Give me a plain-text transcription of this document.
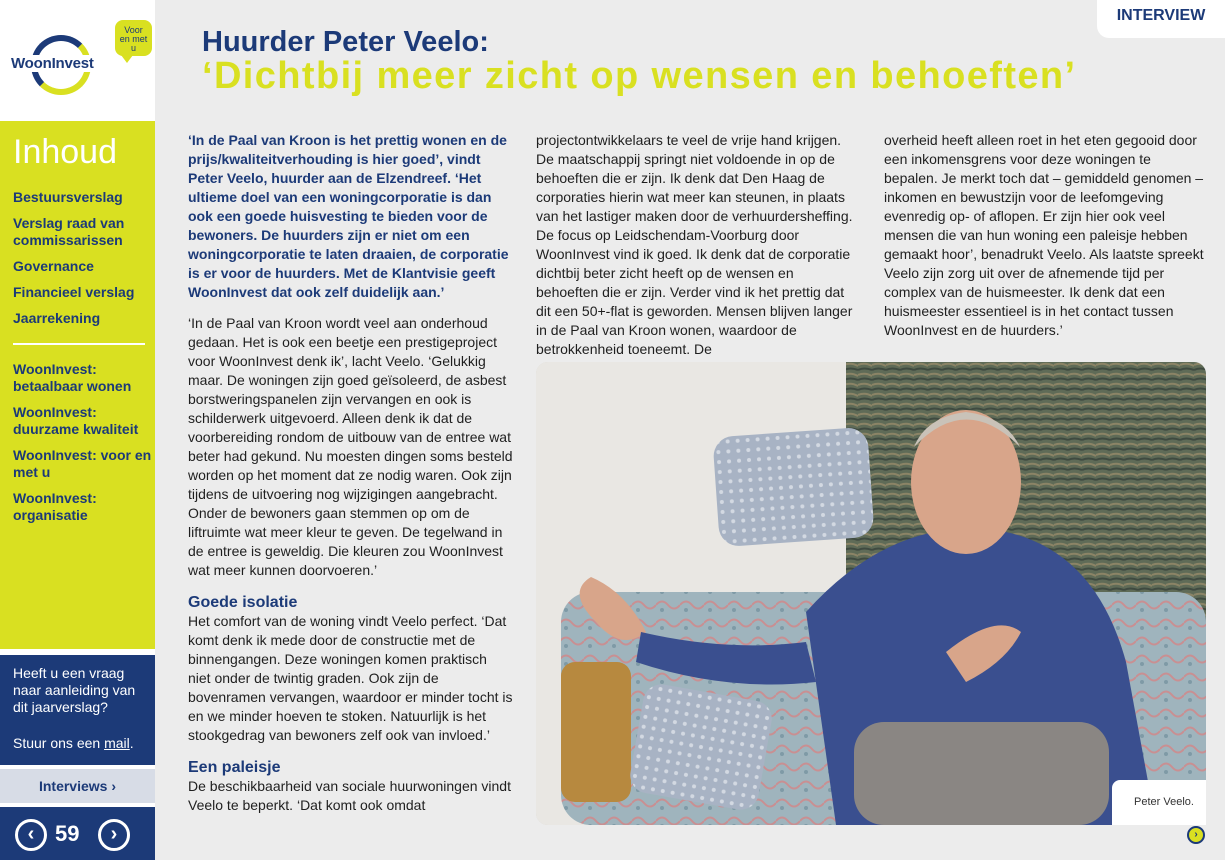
WoonInvest
Voor en met u
Inhoud
Bestuursverslag
Verslag raad van commissarissen
Governance
Financieel verslag
Jaarrekening
WoonInvest: betaalbaar wonen
WoonInvest: duurzame kwaliteit
WoonInvest: voor en met u
WoonInvest: organisatie
Heeft u een vraag naar aanleiding van dit jaarverslag?
Stuur ons een mail.
Interviews ›
‹ 59	›
INTERVIEW
Huurder Peter Veelo:
‘Dichtbij meer zicht op wensen en behoeften’

‘In de Paal van Kroon is het prettig wonen en de prijs/kwaliteitverhouding is hier goed’, vindt Peter Veelo, huurder aan de Elzendreef. ‘Het ultieme doel van een woningcorporatie is dan ook een goede huisvesting te bieden voor de bewoners. De huurders zijn er niet om een woningcorporatie te laten draaien, de corporatie is er voor de huurders. Met de Klantvisie geeft WoonInvest dat ook zelf duidelijk aan.’

‘In de Paal van Kroon wordt veel aan onderhoud gedaan. Het is ook een beetje een prestigeproject voor WoonInvest denk ik’, lacht Veelo. ‘Gelukkig maar. De woningen zijn goed geïsoleerd, de asbest borstweringspanelen zijn vervangen en ook is schilderwerk uitgevoerd. Alleen denk ik dat de voorbereiding rondom de uitbouw van de entree wat beter had gekund. Nu moesten dingen soms besteld worden op het moment dat ze nodig waren. Ook zijn tijdens de uitvoering nog wijzigingen aangebracht. Onder de bewoners gaan stemmen op om de liftruimte wat meer kleur te geven. De tegelwand in de entree is geweldig. Die kleuren zou WoonInvest wat meer kunnen doorvoeren.’

Goede isolatie

Het comfort van de woning vindt Veelo perfect. ‘Dat komt denk ik mede door de constructie met de binnengangen. Deze woningen komen praktisch niet onder de twintig graden. Ook zijn de bovenramen vervangen, waardoor er minder tocht is en we minder hoeven te stoken. Natuurlijk is het stookgedrag van bewoners zelf ook van invloed.’

Een paleisje

De beschikbaarheid van sociale huurwoningen vindt Veelo te beperkt. ‘Dat komt ook omdat

projectontwikkelaars te veel de vrije hand krijgen. De maatschappij springt niet voldoende in op de behoeften die er zijn. Ik denk dat Den Haag de corporaties hierin wat meer kan steunen, in plaats van het lastiger maken door de verhuurdersheffing. De focus op Leidschendam-Voorburg door WoonInvest vind ik goed. Ik denk dat de corporatie dichtbij beter zicht heeft op de wensen en behoeften die er zijn. Verder vind ik het prettig dat dit een 50+-flat is geworden. Mensen blijven langer in de Paal van Kroon wonen, waardoor de betrokkenheid toeneemt. De

overheid heeft alleen roet in het eten gegooid door een inkomensgrens voor deze woningen te bepalen. Je merkt toch dat – gemiddeld genomen – inkomen en bewustzijn voor de leefomgeving evenredig op- of aflopen. Er zijn hier ook veel mensen die van hun woning een paleisje hebben gemaakt hoor’, benadrukt Veelo. Als laatste spreekt Veelo zijn zorg uit over de afnemende tijd per complex van de huismeester. Ik denk dat een huismeester essentieel is in het contact tussen WoonInvest en de huurders.’

Peter Veelo.
›
